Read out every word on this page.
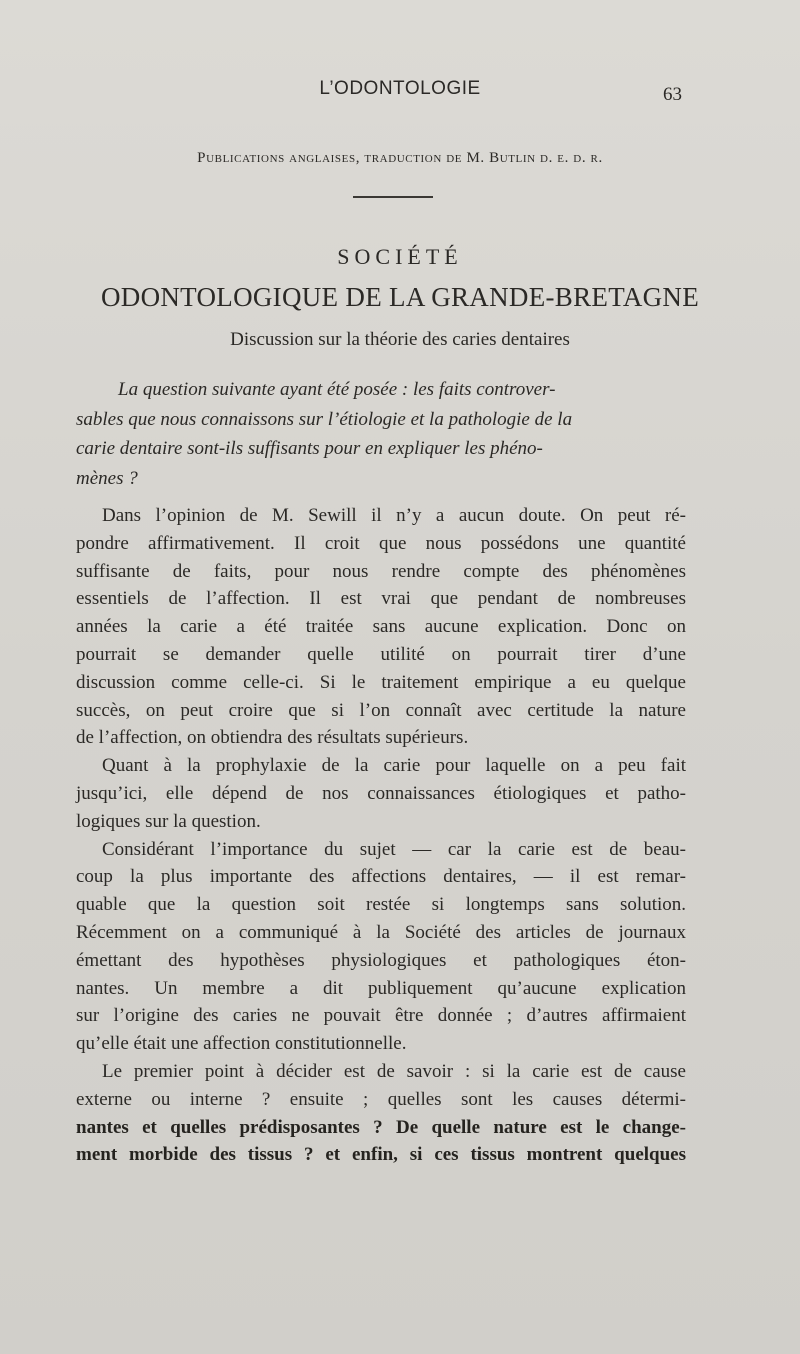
L’ODONTOLOGIE	63
Publications anglaises, traduction de M. Butlin d. e. d. r.
SOCIÉTÉ
ODONTOLOGIQUE DE LA GRANDE-BRETAGNE
Discussion sur la théorie des caries dentaires
La question suivante ayant été posée : les faits controver-
sables que nous connaissons sur l’étiologie et la pathologie de la
carie dentaire sont-ils suffisants pour en expliquer les phéno-
mènes ?
Dans l’opinion de M. Sewill il n’y a aucun doute. On peut ré-
pondre affirmativement. Il croit que nous possédons une quantité
suffisante de faits, pour nous rendre compte des phénomènes
essentiels de l’affection. Il est vrai que pendant de nombreuses
années la carie a été traitée sans aucune explication. Donc on
pourrait se demander quelle utilité on pourrait tirer d’une
discussion comme celle-ci. Si le traitement empirique a eu quelque
succès, on peut croire que si l’on connaît avec certitude la nature
de l’affection, on obtiendra des résultats supérieurs.
Quant à la prophylaxie de la carie pour laquelle on a peu fait
jusqu’ici, elle dépend de nos connaissances étiologiques et patho-
logiques sur la question.
Considérant l’importance du sujet — car la carie est de beau-
coup la plus importante des affections dentaires, — il est remar-
quable que la question soit restée si longtemps sans solution.
Récemment on a communiqué à la Société des articles de journaux
émettant des hypothèses physiologiques et pathologiques éton-
nantes. Un membre a dit publiquement qu’aucune explication
sur l’origine des caries ne pouvait être donnée ; d’autres affirmaient
qu’elle était une affection constitutionnelle.
Le premier point à décider est de savoir : si la carie est de cause
externe ou interne ? ensuite ; quelles sont les causes détermi-
nantes et quelles prédisposantes ? De quelle nature est le change-
ment morbide des tissus ? et enfin, si ces tissus montrent quelques
